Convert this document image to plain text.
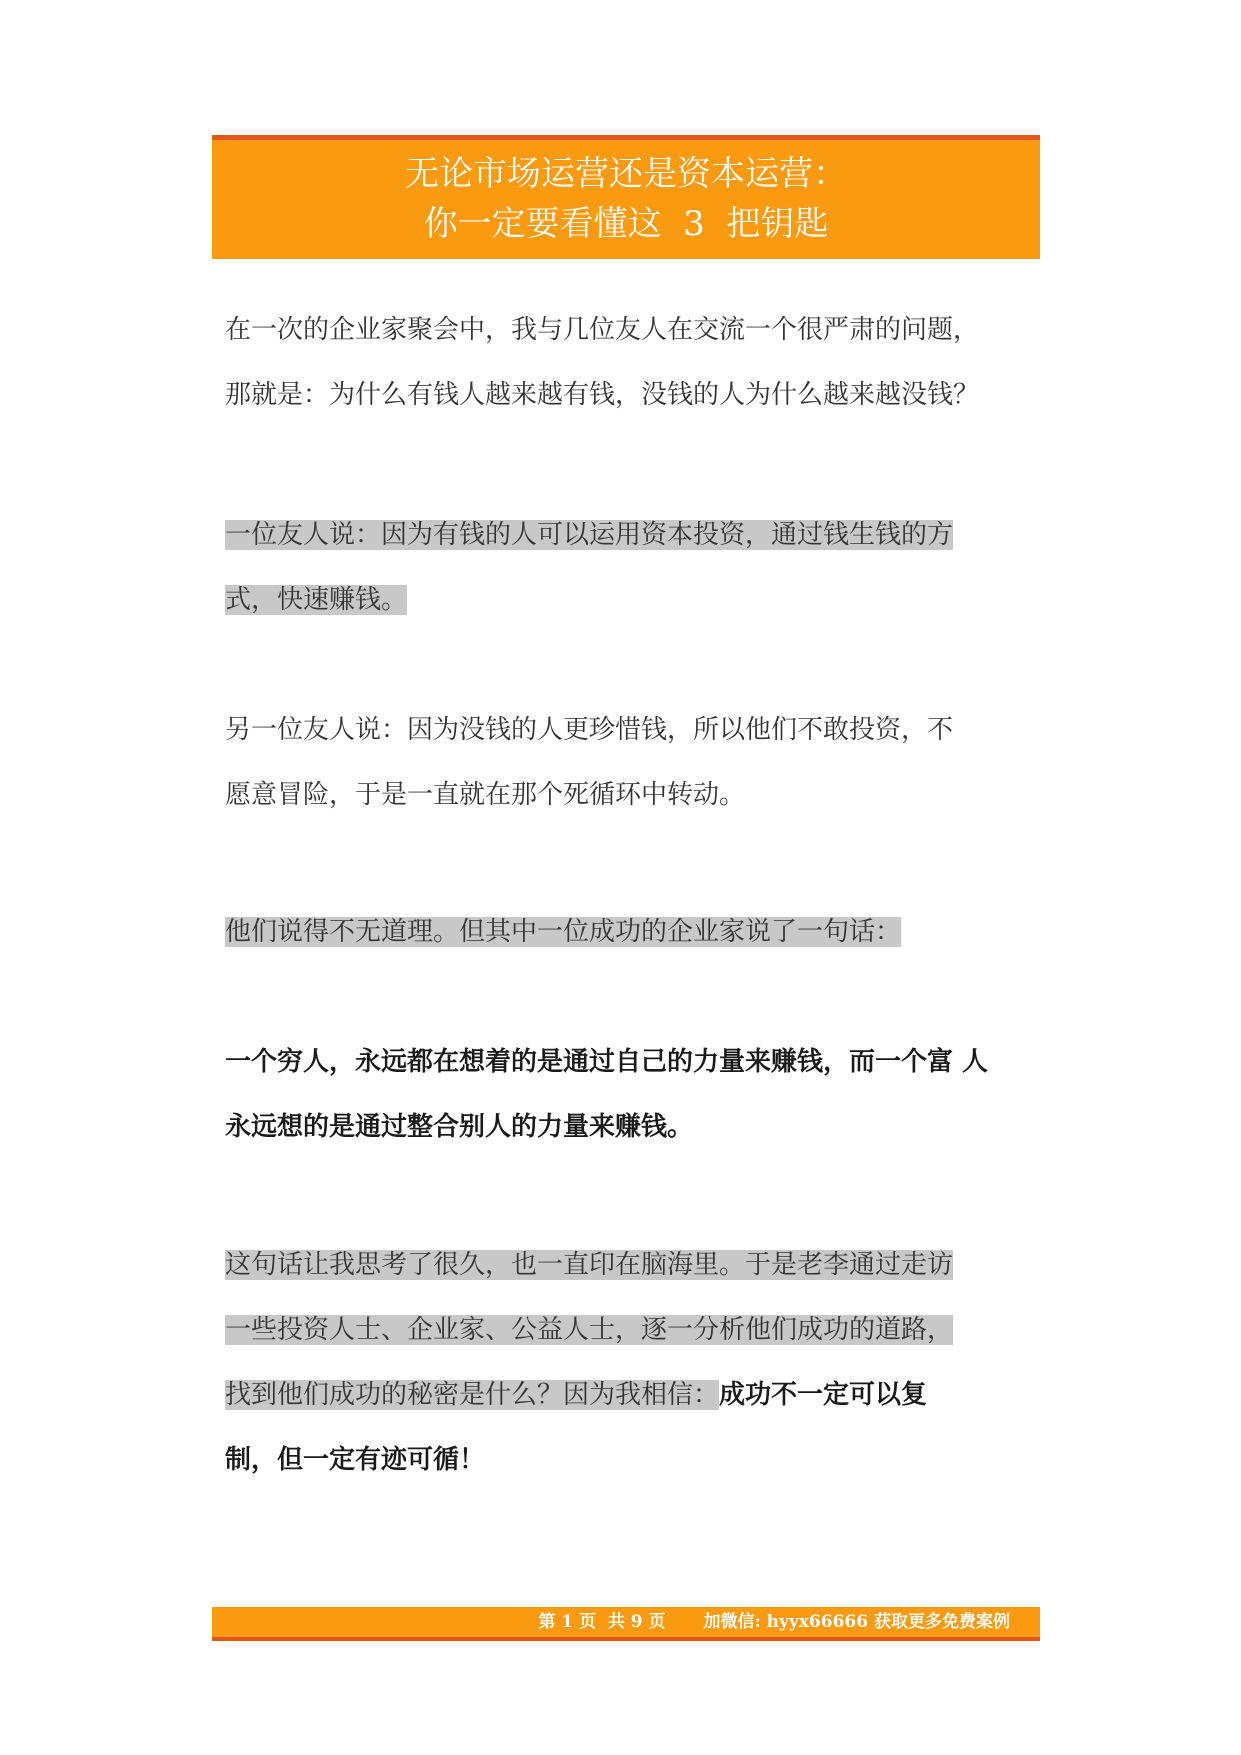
无论市场运营还是资本运营：
你一定要看懂这  3  把钥匙
在一次的企业家聚会中，我与几位友人在交流一个很严肃的问题，
那就是：为什么有钱人越来越有钱，没钱的人为什么越来越没钱？
一位友人说：因为有钱的人可以运用资本投资，通过钱生钱的方
式，快速赚钱。
另一位友人说：因为没钱的人更珍惜钱，所以他们不敢投资，不
愿意冒险，于是一直就在那个死循环中转动。
他们说得不无道理。但其中一位成功的企业家说了一句话：
一个穷人，永远都在想着的是通过自己的力量来赚钱，而一个富 人
永远想的是通过整合别人的力量来赚钱。
这句话让我思考了很久，也一直印在脑海里。于是老李通过走访
一些投资人士、企业家、公益人士，逐一分析他们成功的道路，
找到他们成功的秘密是什么？因为我相信：成功不一定可以复
制，但一定有迹可循！
第 1 页  共 9 页 加微信: hyyx66666 获取更多免费案例
